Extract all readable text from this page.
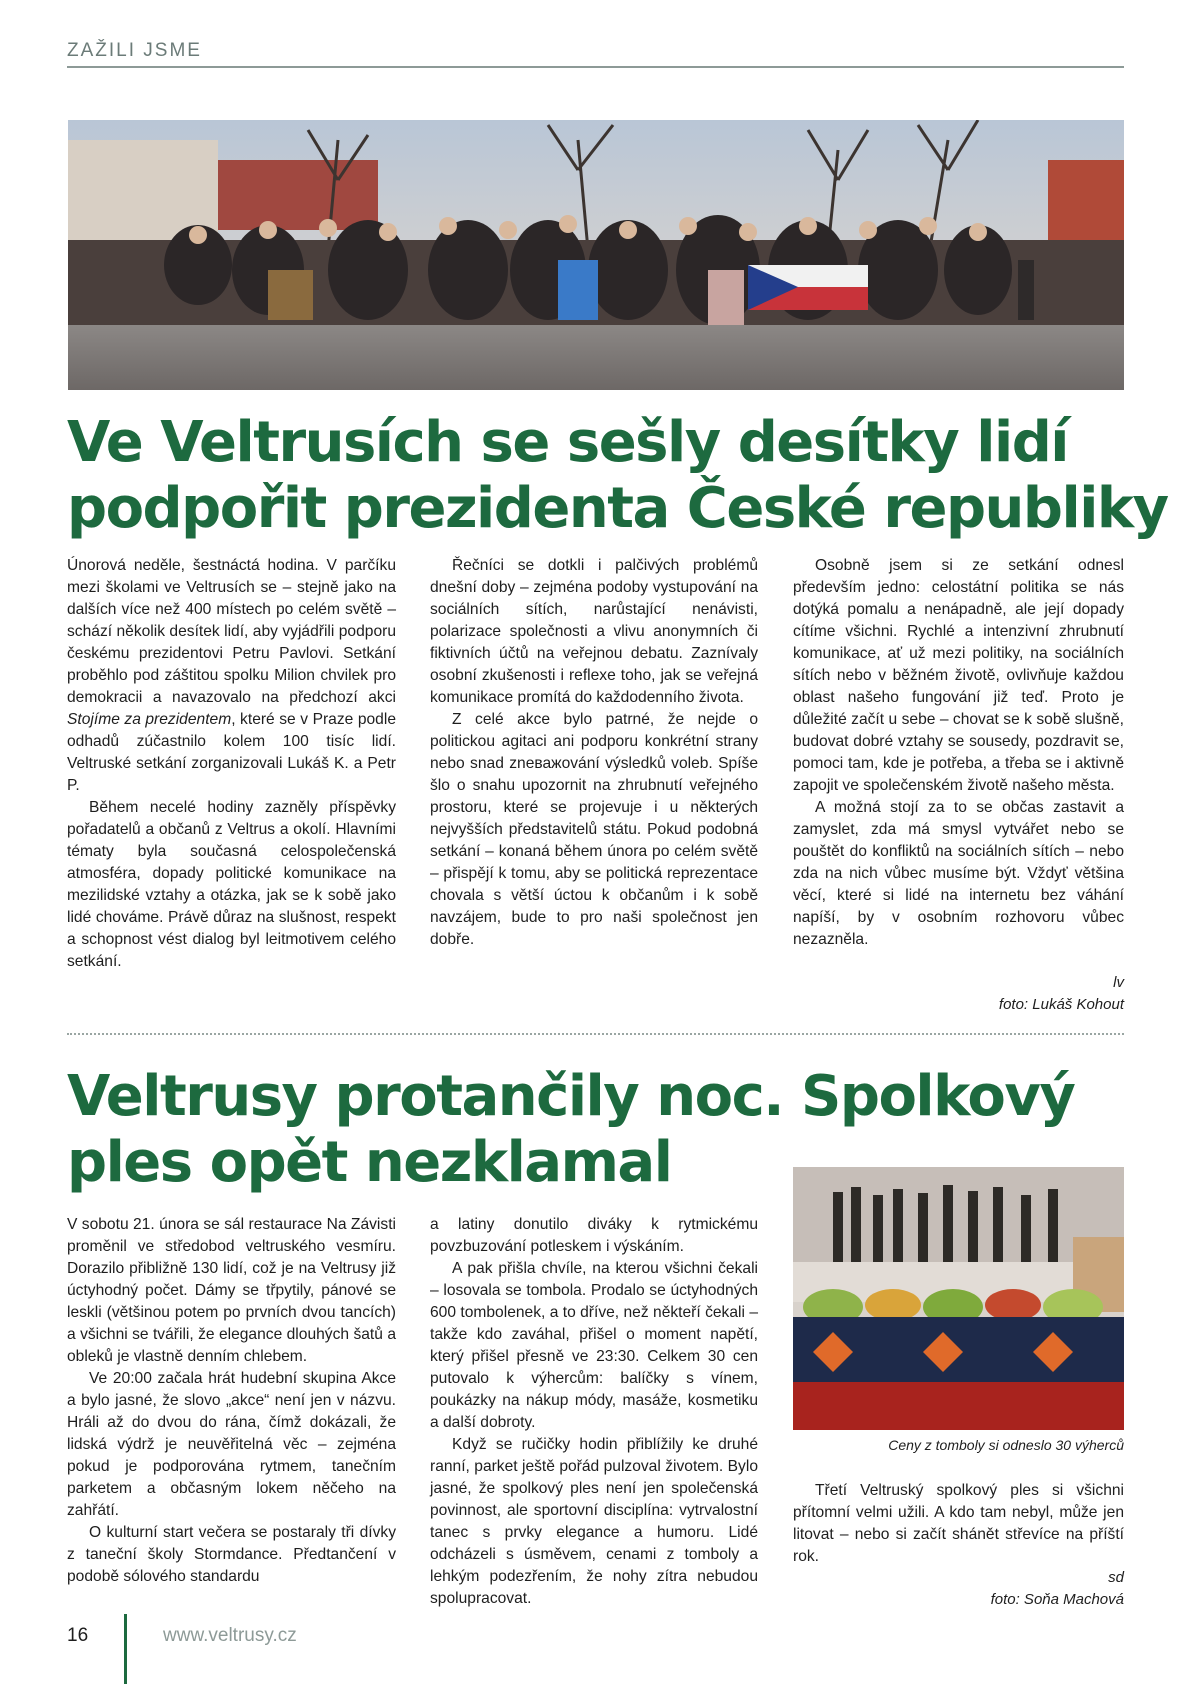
ZAŽILI JSME
Ve Veltrusích se sešly desítky lidí
podpořit prezidenta České republiky

Únorová neděle, šestnáctá hodina. V parčíku mezi školami ve Veltrusích se – stejně jako na dalších více než 400 místech po celém světě – schází několik desítek lidí, aby vyjádřili podporu českému prezidentovi Petru Pavlovi. Setkání proběhlo pod záštitou spolku Milion chvilek pro demokracii a navazovalo na předchozí akci Stojíme za prezidentem, které se v Praze podle odhadů zúčastnilo kolem 100 tisíc lidí. Veltruské setkání zorganizovali Lukáš K. a Petr P.

Během necelé hodiny zazněly příspěvky pořadatelů a občanů z Veltrus a okolí. Hlavními tématy byla současná celospolečenská atmosféra, dopady politické komunikace na mezilidské vztahy a otázka, jak se k sobě jako lidé chováme. Právě důraz na slušnost, respekt a schopnost vést dialog byl leitmotivem celého setkání.

Řečníci se dotkli i palčivých problémů dnešní doby – zejména podoby vystupování na sociálních sítích, narůstající nenávisti, polarizace společnosti a vlivu anonymních či fiktivních účtů na veřejnou debatu. Zaznívaly osobní zkušenosti i reflexe toho, jak se veřejná komunikace promítá do každodenního života.

Z celé akce bylo patrné, že nejde o politickou agitaci ani podporu konkrétní strany nebo snad zneважování výsledků voleb. Spíše šlo o snahu upozornit na zhrubnutí veřejného prostoru, které se projevuje i u některých nejvyšších představitelů státu. Pokud podobná setkání – konaná během února po celém světě – přispějí k tomu, aby se politická reprezentace chovala s větší úctou k občanům i k sobě navzájem, bude to pro naši společnost jen dobře.

Osobně jsem si ze setkání odnesl především jedno: celostátní politika se nás dotýká pomalu a nenápadně, ale její dopady cítíme všichni. Rychlé a intenzivní zhrubnutí komunikace, ať už mezi politiky, na sociálních sítích nebo v běžném životě, ovlivňuje každou oblast našeho fungování již teď. Proto je důležité začít u sebe – chovat se k sobě slušně, budovat dobré vztahy se sousedy, pozdravit se, pomoci tam, kde je potřeba, a třeba se i aktivně zapojit ve společenském životě našeho města.

A možná stojí za to se občas zastavit a zamyslet, zda má smysl vytvářet nebo se pouštět do konfliktů na sociálních sítích – nebo zda na nich vůbec musíme být. Vždyť většina věcí, které si lidé na internetu bez váhání napíší, by v osobním rozhovoru vůbec nezazněla.

lv
foto: Lukáš Kohout
Veltrusy protančily noc. Spolkový
ples opět nezklamal

V sobotu 21. února se sál restaurace Na Závisti proměnil ve středobod veltruského vesmíru. Dorazilo přibližně 130 lidí, což je na Veltrusy již úctyhodný počet. Dámy se třpytily, pánové se leskli (většinou potem po prvních dvou tancích) a všichni se tvářili, že elegance dlouhých šatů a obleků je vlastně denním chlebem.

Ve 20:00 začala hrát hudební skupina Akce a bylo jasné, že slovo „akce“ není jen v názvu. Hráli až do dvou do rána, čímž dokázali, že lidská výdrž je neuvěřitelná věc – zejména pokud je podporována rytmem, tanečním parketem a občasným lokem něčeho na zahřátí.

O kulturní start večera se postaraly tři dívky z taneční školy Stormdance. Předtančení v podobě sólového standardu

a latiny donutilo diváky k rytmickému povzbuzování potleskem i výskáním.

A pak přišla chvíle, na kterou všichni čekali – losovala se tombola. Prodalo se úctyhodných 600 tombolenek, a to dříve, než někteří čekali – takže kdo zaváhal, přišel o moment napětí, který přišel přesně ve 23:30. Celkem 30 cen putovalo k výhercům: balíčky s vínem, poukázky na nákup módy, masáže, kosmetiku a další dobroty.

Když se ručičky hodin přiblížily ke druhé ranní, parket ještě pořád pulzoval životem. Bylo jasné, že spolkový ples není jen společenská povinnost, ale sportovní disciplína: vytrvalostní tanec s prvky elegance a humoru. Lidé odcházeli s úsměvem, cenami z tomboly a lehkým podezřením, že nohy zítra nebudou spolupracovat.

Ceny z tomboly si odneslo 30 výherců

Třetí Veltruský spolkový ples si všichni přítomní velmi užili. A kdo tam nebyl, může jen litovat – nebo si začít shánět střevíce na příští rok.

sd
foto: Soňa Machová
16	www.veltrusy.cz
